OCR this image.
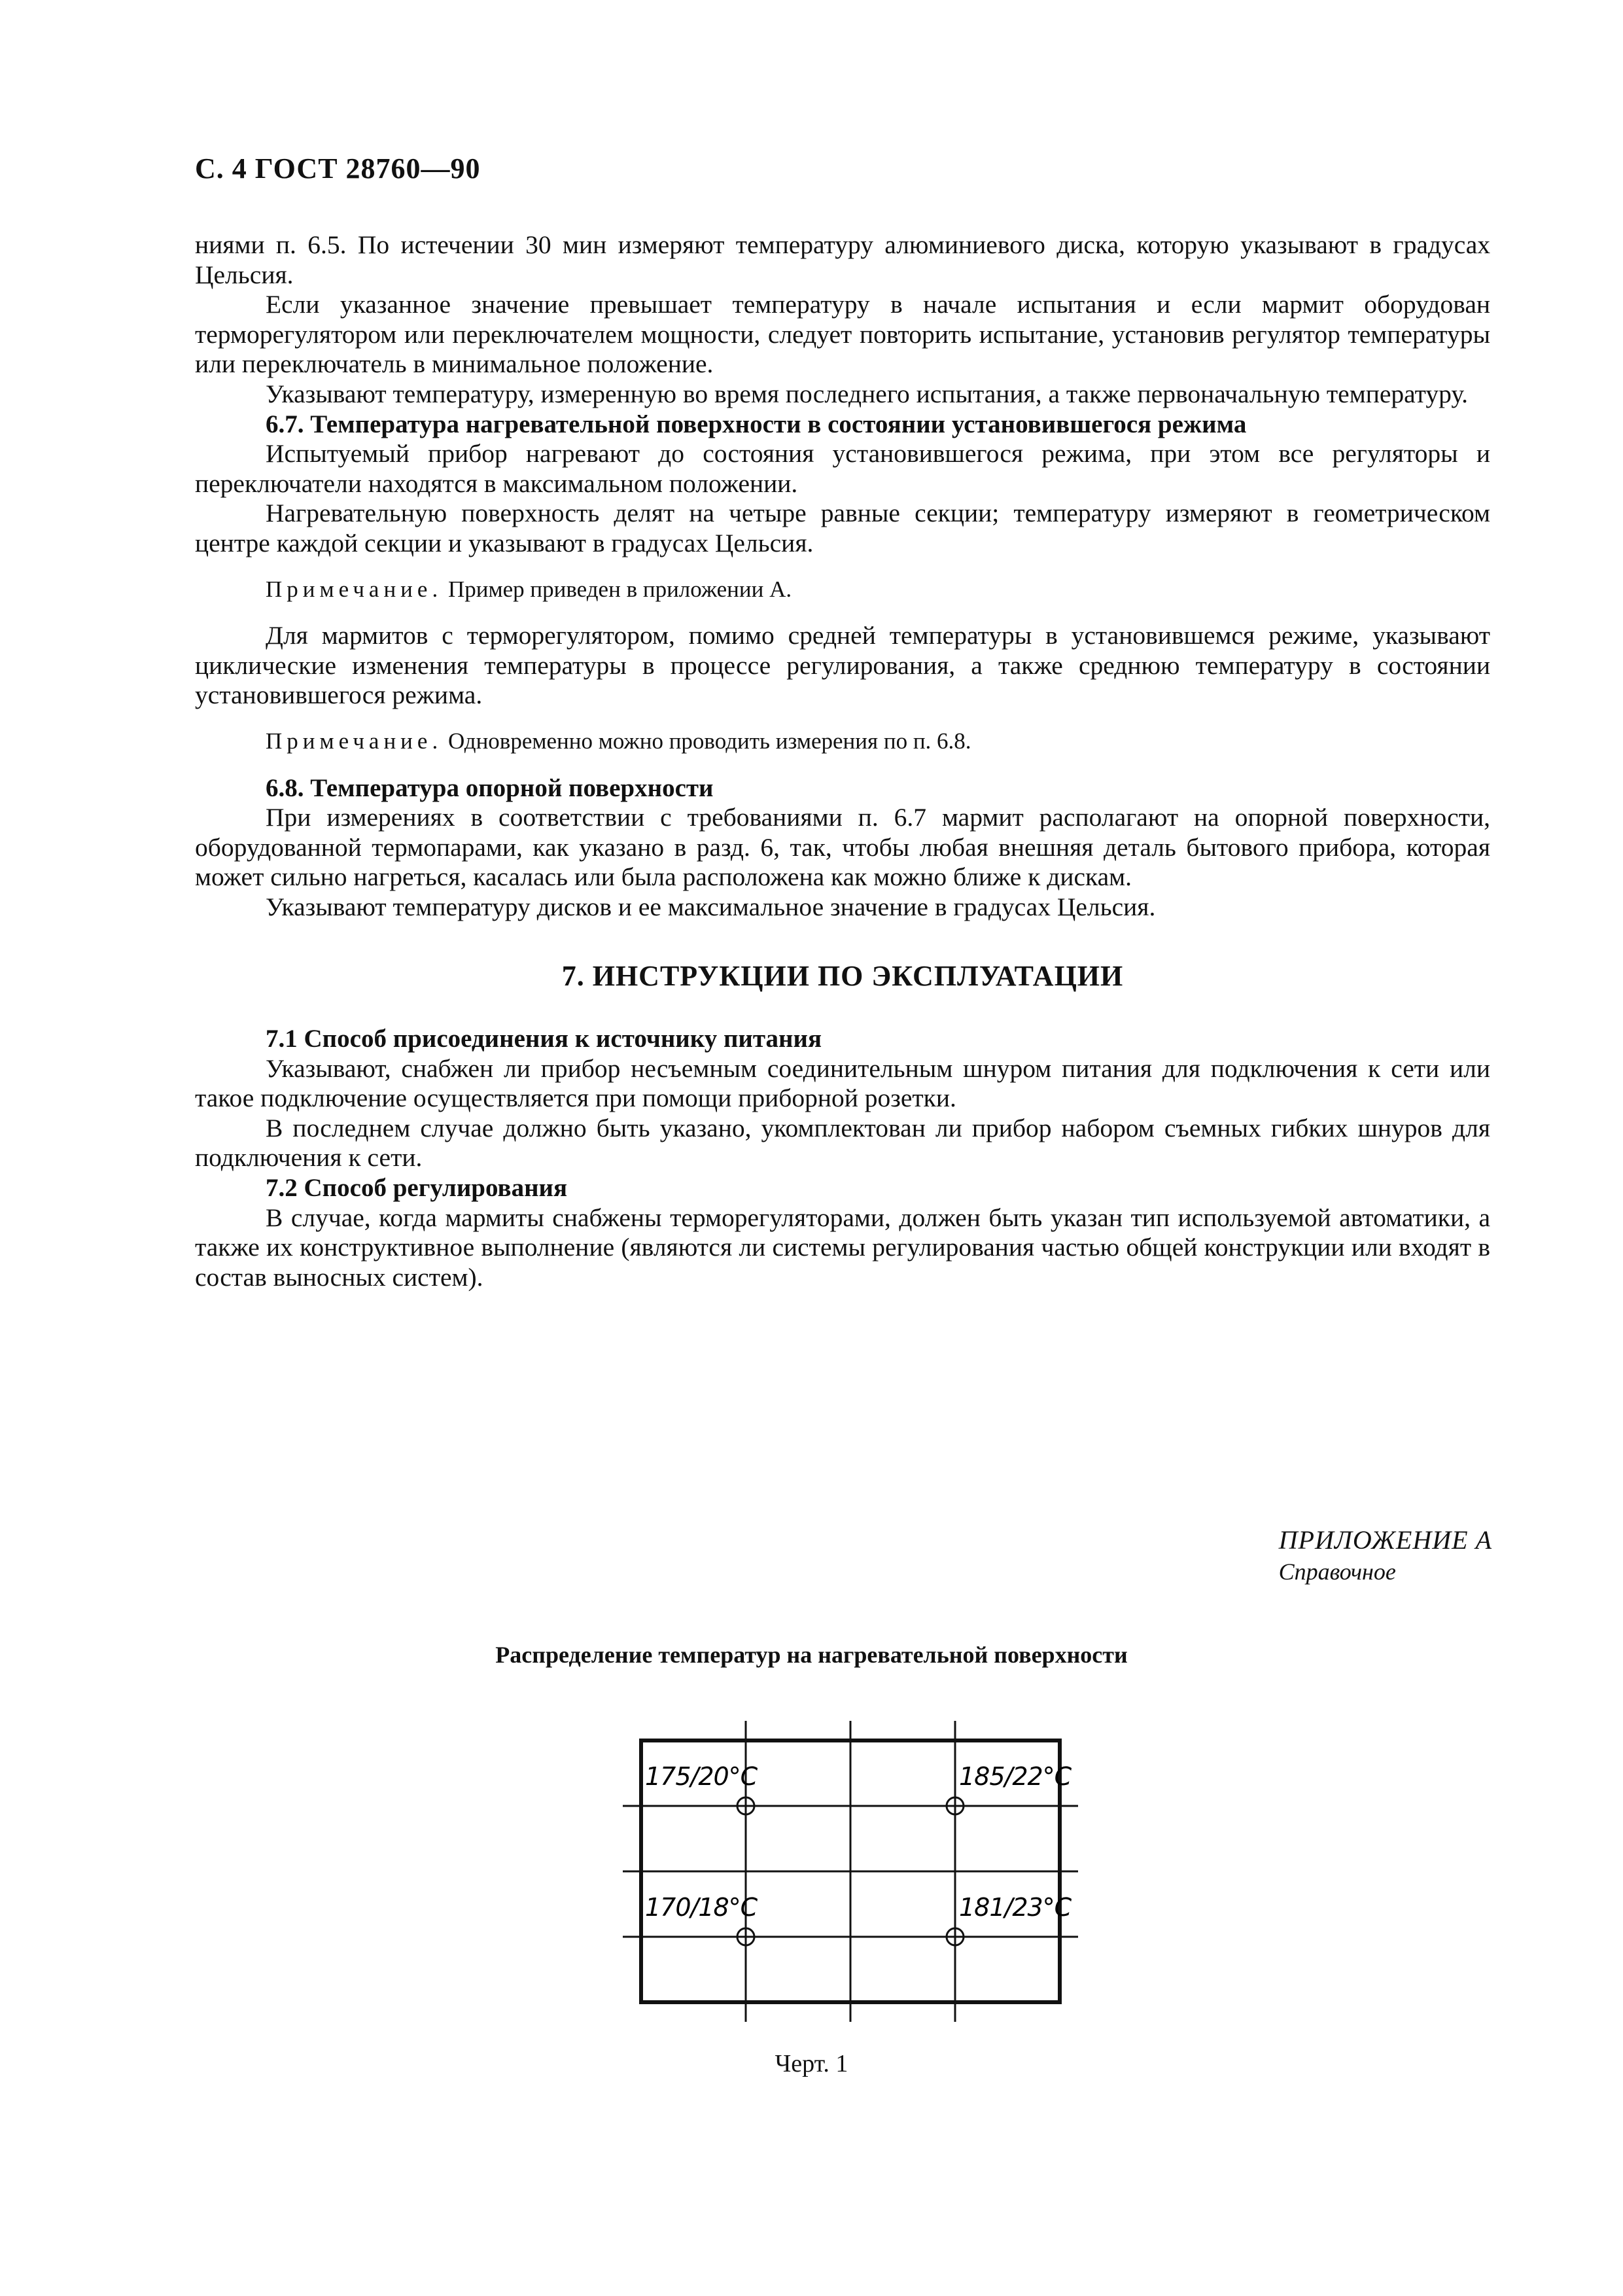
С. 4 ГОСТ 28760—90

ниями п. 6.5. По истечении 30 мин измеряют температуру алюминиевого диска, которую указывают в градусах Цельсия.

Если указанное значение превышает температуру в начале испытания и если мармит оборудован терморегулятором или переключателем мощности, следует повторить испытание, установив регулятор температуры или переключатель в минимальное положение.

Указывают температуру, измеренную во время последнего испытания, а также первоначальную температуру.

6.7. Температура нагревательной поверхности в состоянии установившегося режима

Испытуемый прибор нагревают до состояния установившегося режима, при этом все регуляторы и переключатели находятся в максимальном положении.

Нагревательную поверхность делят на четыре равные секции; температуру измеряют в геометрическом центре каждой секции и указывают в градусах Цельсия.

Примечание. Пример приведен в приложении А.

Для мармитов с терморегулятором, помимо средней температуры в установившемся режиме, указывают циклические изменения температуры в процессе регулирования, а также среднюю температуру в состоянии установившегося режима.

Примечание. Одновременно можно проводить измерения по п. 6.8.
6.8. Температура опорной поверхности

При измерениях в соответствии с требованиями п. 6.7 мармит располагают на опорной поверхности, оборудованной термопарами, как указано в разд. 6, так, чтобы любая внешняя деталь бытового прибора, которая может сильно нагреться, касалась или была расположена как можно ближе к дискам.

Указывают температуру дисков и ее максимальное значение в градусах Цельсия.

7. ИНСТРУКЦИИ ПО ЭКСПЛУАТАЦИИ
7.1 Способ присоединения к источнику питания

Указывают, снабжен ли прибор несъемным соединительным шнуром питания для подключения к сети или такое подключение осуществляется при помощи приборной розетки.

В последнем случае должно быть указано, укомплектован ли прибор набором съемных гибких шнуров для подключения к сети.

7.2 Способ регулирования

В случае, когда мармиты снабжены терморегуляторами, должен быть указан тип используемой автоматики, а также их конструктивное выполнение (являются ли системы регулирования частью общей конструкции или входят в состав выносных систем).

ПРИЛОЖЕНИЕ А
Справочное
Распределение температур на нагревательной поверхности
175/20°C	185/22°C
170/18°C	181/23°C
Черт. 1
